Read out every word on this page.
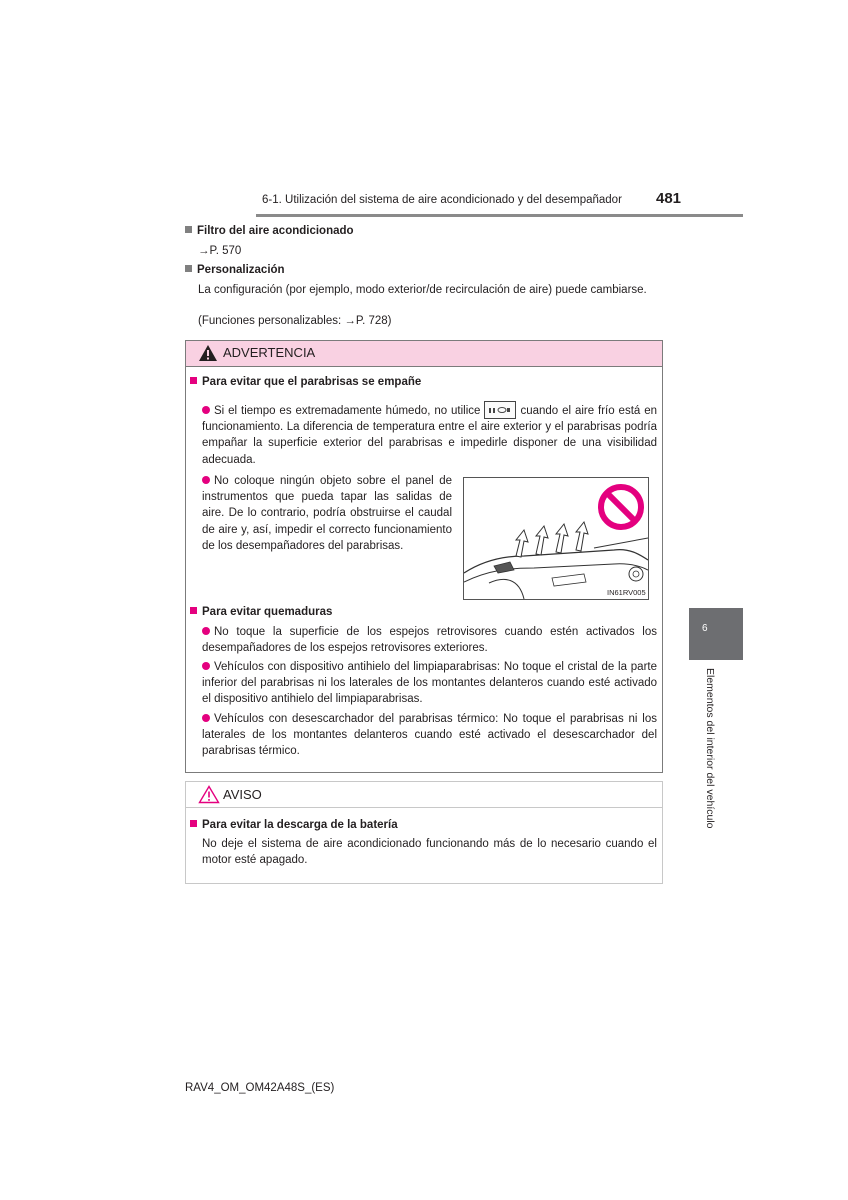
6-1. Utilización del sistema de aire acondicionado y del desempañador 481
Filtro del aire acondicionado
→P. 570
Personalización
La configuración (por ejemplo, modo exterior/de recirculación de aire) puede cambiarse.
(Funciones personalizables: →P. 728)
ADVERTENCIA
Para evitar que el parabrisas se empañe
Si el tiempo es extremadamente húmedo, no utilice	cuando el aire frío está en funcionamiento. La diferencia de temperatura entre el aire exterior y el parabrisas podría empañar la superficie exterior del parabrisas e impedirle disponer de una visibilidad adecuada.
No coloque ningún objeto sobre el panel de instrumentos que pueda tapar las salidas de aire. De lo contrario, podría obstruirse el caudal de aire y, así, impedir el correcto funcionamiento de los desempañadores del parabrisas.
IN61RV005
Para evitar quemaduras
No toque la superficie de los espejos retrovisores cuando estén activados los desempañadores de los espejos retrovisores exteriores.
Vehículos con dispositivo antihielo del limpiaparabrisas: No toque el cristal de la parte inferior del parabrisas ni los laterales de los montantes delanteros cuando esté activado el dispositivo antihielo del limpiaparabrisas.
Vehículos con desescarchador del parabrisas térmico: No toque el parabrisas ni los laterales de los montantes delanteros cuando esté activado el desescarchador del parabrisas térmico.
AVISO
Para evitar la descarga de la batería
No deje el sistema de aire acondicionado funcionando más de lo necesario cuando el motor esté apagado.
6
Elementos del interior del vehículo
RAV4_OM_OM42A48S_(ES)
